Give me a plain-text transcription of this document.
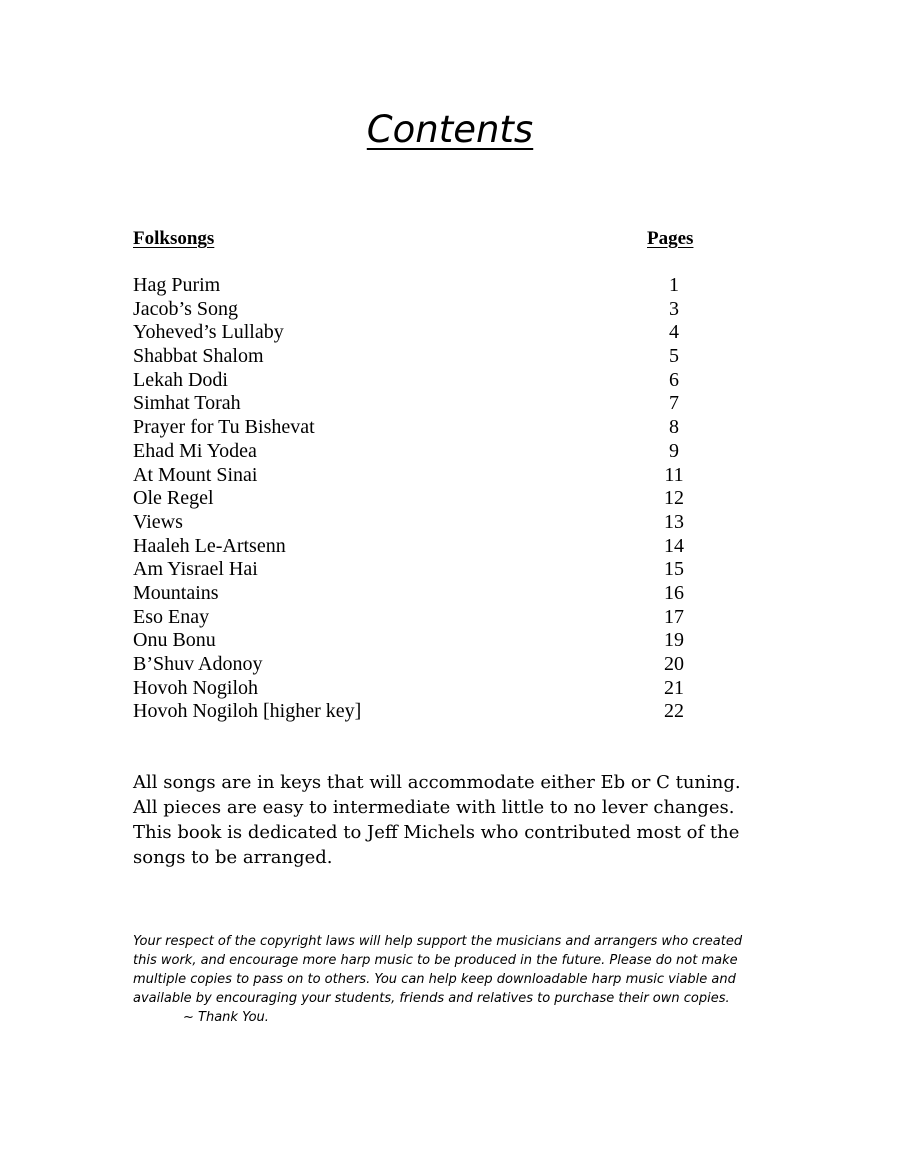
Contents
Folksongs	Pages
Hag Purim	1
Jacob’s Song	3
Yoheved’s Lullaby	4
Shabbat Shalom	5
Lekah Dodi	6
Simhat Torah	7
Prayer for Tu Bishevat	8
Ehad Mi Yodea	9
At Mount Sinai	11
Ole Regel	12
Views	13
Haaleh Le-Artsenn	14
Am Yisrael Hai	15
Mountains	16
Eso Enay	17
Onu Bonu	19
B’Shuv Adonoy	20
Hovoh Nogiloh	21
Hovoh Nogiloh [higher key]	22

All songs are in keys that will accommodate either Eb or C tuning.

All pieces are easy to intermediate with little to no lever changes.

This book is dedicated to Jeff Michels who contributed most of the

songs to be arranged.

Your respect of the copyright laws will help support the musicians and arrangers who created

this work, and encourage more harp music to be produced in the future. Please do not make

multiple copies to pass on to others. You can help keep downloadable harp music viable and

available by encouraging your students, friends and relatives to purchase their own copies.

~ Thank You.
